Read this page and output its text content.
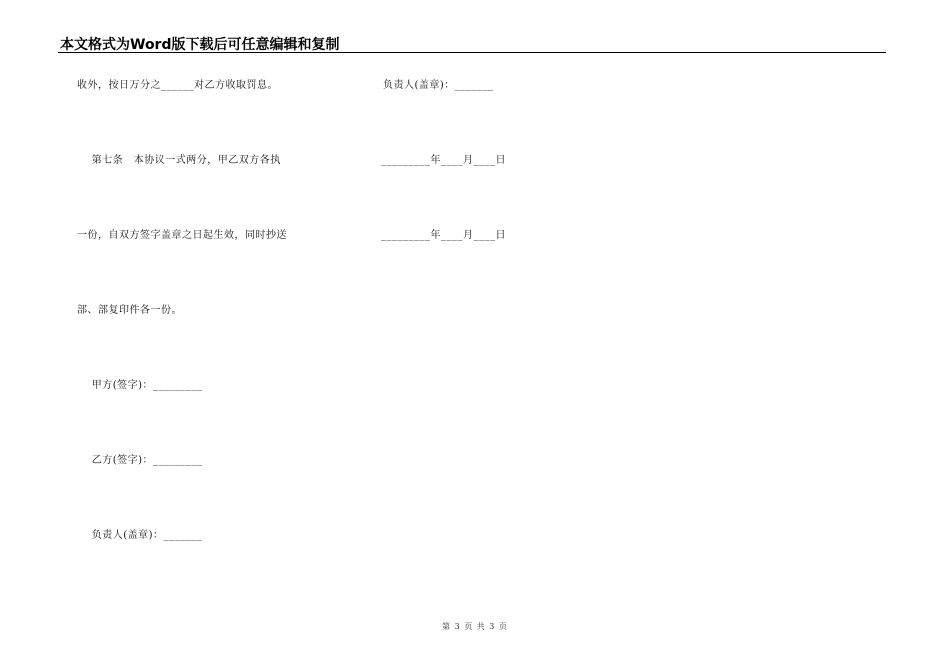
本文格式为Word版下载后可任意编辑和复制
收外，按日万分之______对乙方收取罚息。
第七条　本协议一式两分，甲乙双方各执
一份，自双方签字盖章之日起生效，同时抄送
部、部复印件各一份。
甲方(签字)：_________
乙方(签字)：_________
负责人(盖章)：_______
负责人(盖章)：_______
_________年____月____日
_________年____月____日
第 3 页 共 3 页
